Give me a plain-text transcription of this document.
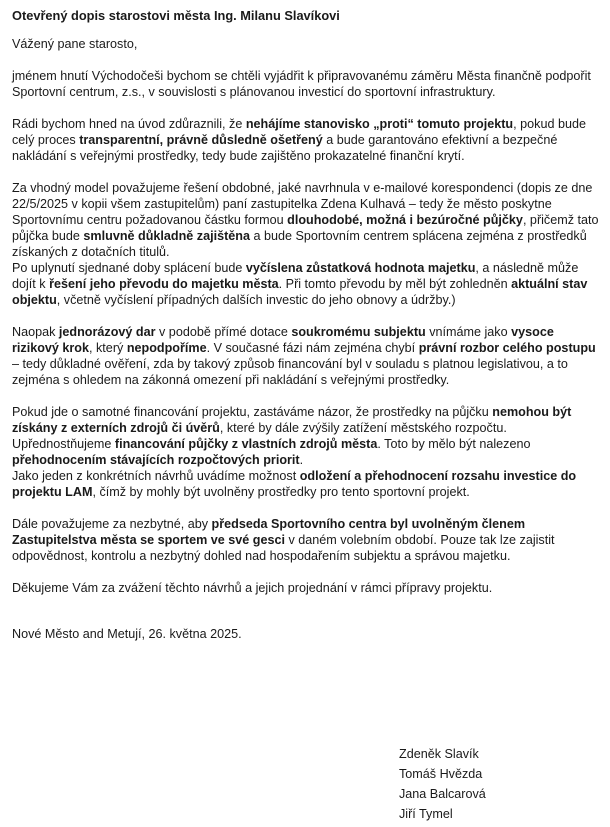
Otevřený dopis starostovi města Ing. Milanu Slavíkovi

Vážený pane starosto,

jménem hnutí Východočeši bychom se chtěli vyjádřit k připravovanému záměru Města finančně podpořit Sportovní centrum, z.s., v souvislosti s plánovanou investicí do sportovní infrastruktury.

Rádi bychom hned na úvod zdůraznili, že nehájíme stanovisko „proti“ tomuto projektu, pokud bude celý proces transparentní, právně důsledně ošetřený a bude garantováno efektivní a bezpečné nakládání s veřejnými prostředky, tedy bude zajištěno prokazatelné finanční krytí.

Za vhodný model považujeme řešení obdobné, jaké navrhnula v e-mailové korespondenci (dopis ze dne 22/5/2025 v kopii všem zastupitelům) paní zastupitelka Zdena Kulhavá – tedy že město poskytne Sportovnímu centru požadovanou částku formou dlouhodobé, možná i bezúročné půjčky, přičemž tato půjčka bude smluvně důkladně zajištěna a bude Sportovním centrem splácena zejména z prostředků získaných z dotačních titulů.

Po uplynutí sjednané doby splácení bude vyčíslena zůstatková hodnota majetku, a následně může dojít k řešení jeho převodu do majetku města. Při tomto převodu by měl být zohledněn aktuální stav objektu, včetně vyčíslení případných dalších investic do jeho obnovy a údržby.)

Naopak jednorázový dar v podobě přímé dotace soukromému subjektu vnímáme jako vysoce rizikový krok, který nepodpoříme. V současné fázi nám zejména chybí právní rozbor celého postupu – tedy důkladné ověření, zda by takový způsob financování byl v souladu s platnou legislativou, a to zejména s ohledem na zákonná omezení při nakládání s veřejnými prostředky.

Pokud jde o samotné financování projektu, zastáváme názor, že prostředky na půjčku nemohou být získány z externích zdrojů či úvěrů, které by dále zvýšily zatížení městského rozpočtu.

Upřednostňujeme financování půjčky z vlastních zdrojů města. Toto by mělo být nalezeno přehodnocením stávajících rozpočtových priorit.

Jako jeden z konkrétních návrhů uvádíme možnost odložení a přehodnocení rozsahu investice do projektu LAM, čímž by mohly být uvolněny prostředky pro tento sportovní projekt.

Dále považujeme za nezbytné, aby předseda Sportovního centra byl uvolněným členem Zastupitelstva města se sportem ve své gesci v daném volebním období. Pouze tak lze zajistit odpovědnost, kontrolu a nezbytný dohled nad hospodařením subjektu a správou majetku.

Děkujeme Vám za zvážení těchto návrhů a jejich projednání v rámci přípravy projektu.

Nové Město and Metují, 26. května 2025.

Zdeněk Slavík
Tomáš Hvězda
Jana Balcarová
Jiří Tymel
